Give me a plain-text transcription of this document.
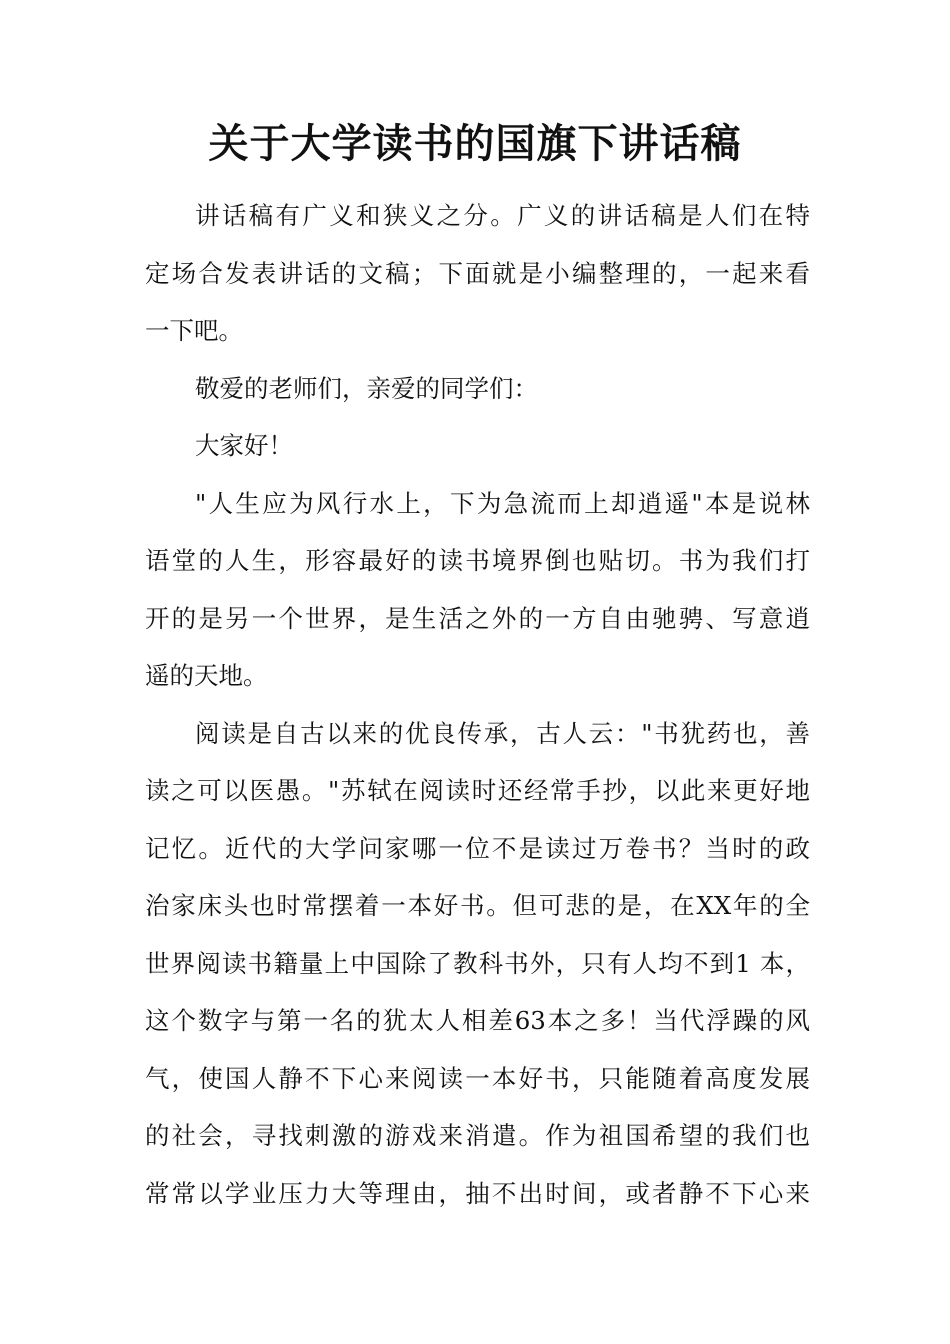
关于大学读书的国旗下讲话稿
讲话稿有广义和狭义之分。广义的讲话稿是人们在特
定场合发表讲话的文稿；下面就是小编整理的，一起来看
一下吧。
敬爱的老师们，亲爱的同学们：
大家好！
"人生应为风行水上，下为急流而上却逍遥"本是说林
语堂的人生，形容最好的读书境界倒也贴切。书为我们打
开的是另一个世界，是生活之外的一方自由驰骋、写意逍
遥的天地。
阅读是自古以来的优良传承，古人云："书犹药也，善
读之可以医愚。"苏轼在阅读时还经常手抄，以此来更好地
记忆。近代的大学问家哪一位不是读过万卷书？当时的政
治家床头也时常摆着一本好书。但可悲的是，在XX年的全
世界阅读书籍量上中国除了教科书外，只有人均不到1 本，
这个数字与第一名的犹太人相差63本之多！当代浮躁的风
气，使国人静不下心来阅读一本好书，只能随着高度发展
的社会，寻找刺激的游戏来消遣。作为祖国希望的我们也
常常以学业压力大等理由，抽不出时间，或者静不下心来
